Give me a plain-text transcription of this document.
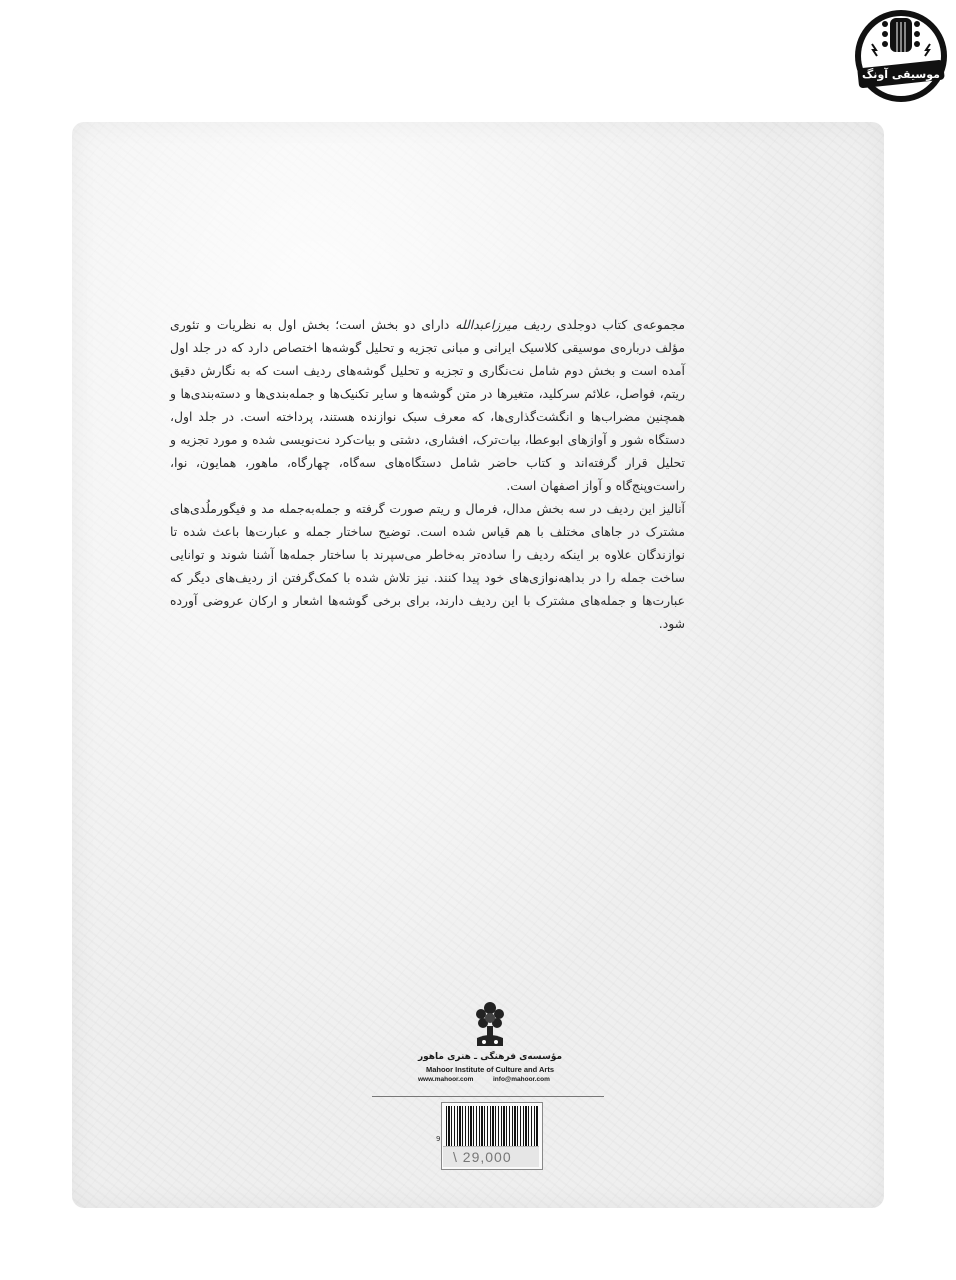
موسیقی آونگ

مجموعه‌ی کتاب دوجلدی ردیف میرزاعبدالله دارای دو بخش است؛ بخش اول به نظریات و تئوری مؤلف درباره‌ی موسیقی کلاسیک ایرانی و مبانی تجزیه و تحلیل گوشه‌ها اختصاص دارد که در جلد اول آمده است و بخش دوم شامل نت‌نگاری و تجزیه و تحلیل گوشه‌های ردیف است که به نگارش دقیق ریتم، فواصل، علائم سرکلید، متغیرها در متن گوشه‌ها و سایر تکنیک‌ها و جمله‌بندی‌ها و دسته‌بندی‌ها و همچنین مضراب‌ها و انگشت‌گذاری‌ها، که معرف سبک نوازنده هستند، پرداخته است. در جلد اول، دستگاه شور و آوازهای ابوعطا، بیات‌ترک، افشاری، دشتی و بیات‌کرد نت‌نویسی شده و مورد تجزیه و تحلیل قرار گرفته‌اند و کتاب حاضر شامل دستگاه‌های سه‌گاه، چهارگاه، ماهور، همایون، نوا، راست‌وپنج‌گاه و آواز اصفهان است.

آنالیز این ردیف در سه بخش مدال، فرمال و ریتم صورت گرفته و جمله‌به‌جمله مد و فیگورملُدی‌های مشترک در جاهای مختلف با هم قیاس شده است. توضیح ساختار جمله و عبارت‌ها باعث شده تا نوازندگان علاوه بر اینکه ردیف را ساده‌تر به‌خاطر می‌سپرند با ساختار جمله‌ها آشنا شوند و توانایی ساخت جمله را در بداهه‌نوازی‌های خود پیدا کنند. نیز تلاش شده با کمک‌گرفتن از ردیف‌های دیگر که عبارت‌ها و جمله‌های مشترک با این ردیف دارند، برای برخی گوشه‌ها اشعار و ارکان عروضی آورده شود.

مؤسسه‌ی فرهنگی ـ هنری ماهور
Mahoor Institute of Culture and Arts
www.mahoor.com	info@mahoor.com
9
\ 29,000
